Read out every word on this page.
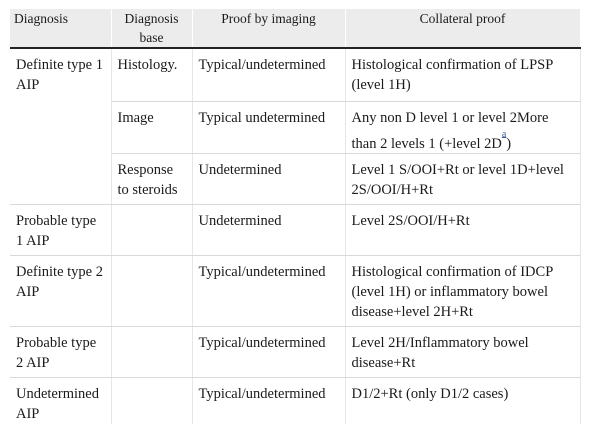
Diagnosis	Diagnosis base	Proof by imaging	Collateral proof
Definite type 1 AIP	Histology.	Typical/undetermined	Histological confirmation of LPSP (level 1H)
	Image	Typical undetermined	Any non D level 1 or level 2More than 2 levels 1 (+level 2D$^{^a}$)
	Response to steroids	Undetermined	Level 1 S/OOI+Rt or level 1D+level 2S/OOI/H+Rt
Probable type 1 AIP		Undetermined	Level 2S/OOI/H+Rt
Definite type 2 AIP		Typical/undetermined	Histological confirmation of IDCP (level 1H) or inflammatory bowel disease+level 2H+Rt
Probable type 2 AIP		Typical/undetermined	Level 2H/Inflammatory bowel disease+Rt
Undetermined AIP		Typical/undetermined	D1/2+Rt (only D1/2 cases)
